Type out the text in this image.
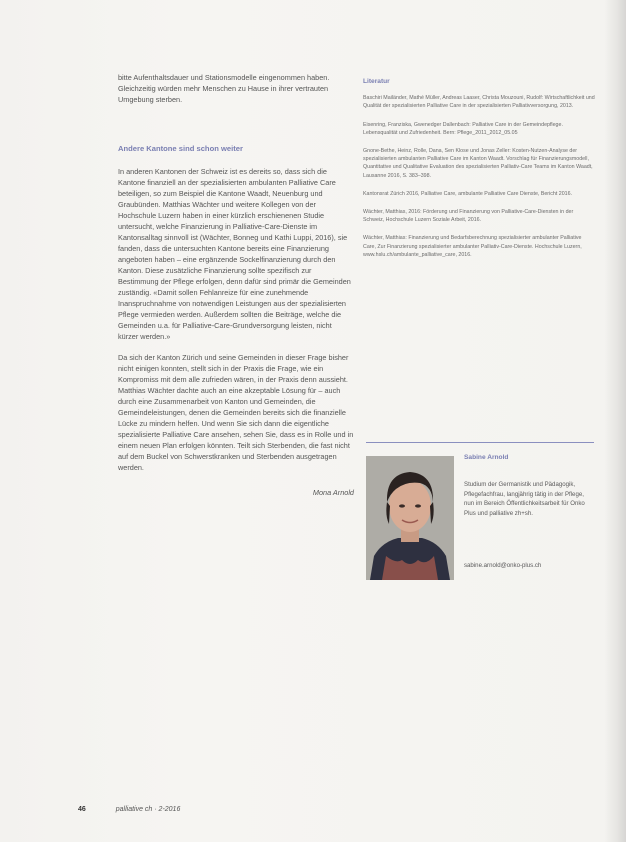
bitte Aufenthaltsdauer und Stationsmodelle eingenommen haben. Gleichzeitig würden mehr Menschen zu Hause in ihrer vertrauten Umgebung sterben.

Andere Kantone sind schon weiter

In anderen Kantonen der Schweiz ist es dereits so, dass sich die Kantone finanziell an der spezialisierten ambulanten Palliative Care beteiligen, so zum Beispiel die Kantone Waadt, Neuenburg und Graubünden. Matthias Wächter und weitere Kollegen von der Hochschule Luzern haben in einer kürzlich erschienenen Studie untersucht, welche Finanzierung in Palliative-Care-Dienste im Kantonsalltag sinnvoll ist (Wächter, Bonneg und Kathi Luppi, 2016), sie fanden, dass die untersuchten Kantone bereits eine Finanzierung angeboten haben – eine ergänzende Sockelfinanzierung durch den Kanton. Diese zusätzliche Finanzierung sollte spezifisch zur Bestimmung der Pflege erfolgen, denn dafür sind primär die Gemeinden zuständig. «Damit sollen Fehlanreize für eine zunehmende Inanspruchnahme von notwendigen Leistungen aus der spezialisierten Pflege vermieden werden. Außerdem sollten die Beiträge, welche die Gemeinden u.a. für Palliative-Care-Grundversorgung leisten, nicht kürzer werden.»

Da sich der Kanton Zürich und seine Gemeinden in dieser Frage bisher nicht einigen konnten, stellt sich in der Praxis die Frage, wie ein Kompromiss mit dem alle zufrieden wären, in der Praxis denn aussieht. Matthias Wächter dachte auch an eine akzeptable Lösung für – auch durch eine Zusammenarbeit von Kanton und Gemeinden, die Gemeindeleistungen, denen die Gemeinden bereits sich die finanzielle Lücke zu mindern helfen. Und wenn Sie sich dann die eigentliche spezialisierte Palliative Care ansehen, sehen Sie, dass es in Rolle und in einem neuen Plan erfolgen könnten. Teilt sich Sterbenden, die fast nicht auf dem Buckel von Schwerstkranken und Sterbenden ausgetragen werden.

Mona Arnold
Literatur

Baschiri Mailänder, Mathé Müller, Andreas Laaser, Christa Mouzouni, Rudolf: Wirtschaftlichkeit und Qualität der spezialisierten Palliative Care in der spezialisierten Palliativversorgung, 2013.

Eisenring, Franziska, Gwenedger Dallenbach: Palliative Care in der Gemeindepflege. Lebensqualität und Zufriedenheit. Bern: Pflege_2011_2012_05.05

Gnone-Bethe, Heinz, Rolle, Dana, Sen Klose und Jonas Zeller: Kosten-Nutzen-Analyse der spezialisierten ambulanten Palliative Care im Kanton Waadt. Vorschlag für Finanzierungsmodell, Quantitative und Qualitative Evaluation des spezialisierten Palliativ-Care Teams im Kanton Waadt, Lausanne 2016, S. 383–398.

Kantonsrat Zürich 2016, Palliative Care, ambulante Palliative Care Dienste, Bericht 2016.

Wächter, Matthias, 2016: Förderung und Finanzierung von Palliative-Care-Diensten in der Schweiz, Hochschule Luzern Soziale Arbeit, 2016.

Wächter, Matthias: Finanzierung und Bedarfsberechnung spezialisierter ambulanter Palliative Care, Zur Finanzierung spezialisierter ambulanter Palliativ-Care-Dienste. Hochschule Luzern, www.hslu.ch/ambulante_palliative_care, 2016.

Sabine Arnold
Studium der Germanistik und Pädagogik, Pflegefachfrau, langjährig tätig in der Pflege, nun im Bereich Öffentlichkeitsarbeit für Onko Plus und palliative zh+sh.
sabine.arnold@onko-plus.ch
46	palliative ch · 2-2016
